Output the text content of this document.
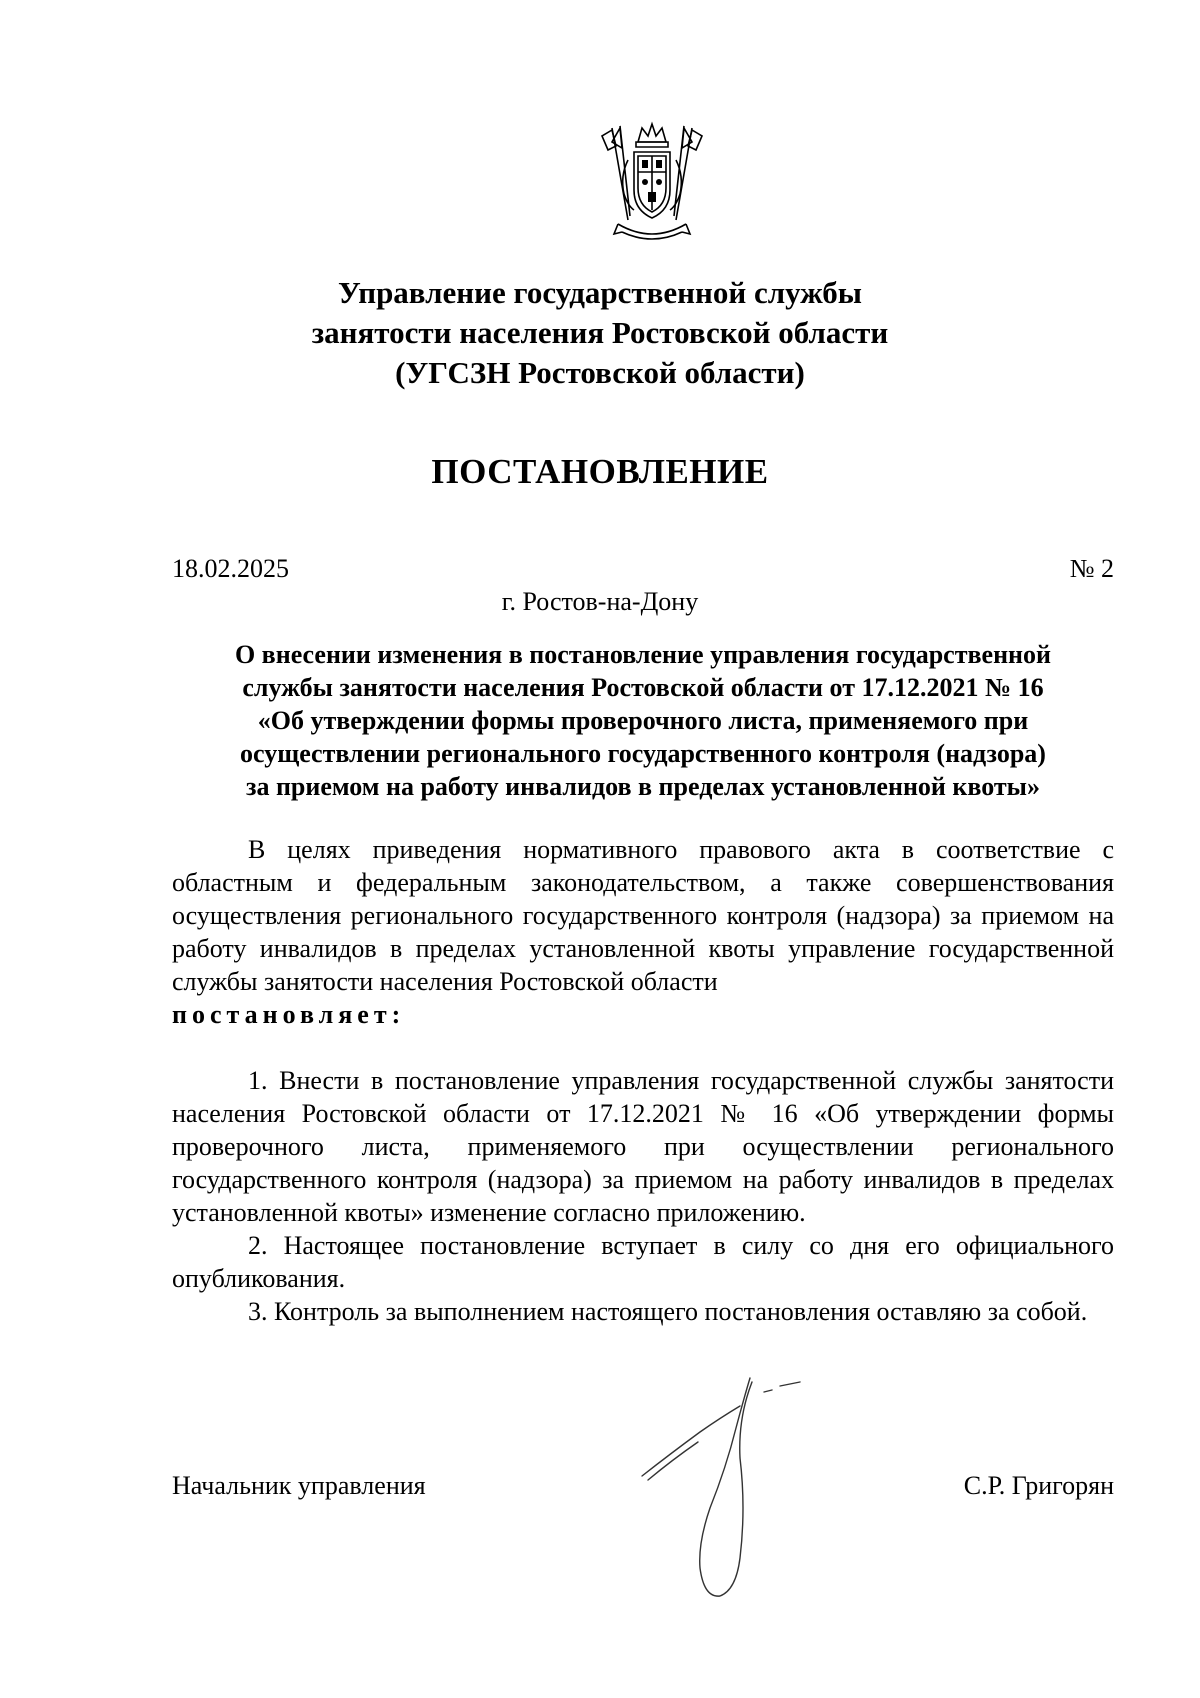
Управление государственной службы
занятости населения Ростовской области
(УГСЗН Ростовской области)
ПОСТАНОВЛЕНИЕ
18.02.2025	№ 2
г. Ростов-на-Дону
О внесении изменения в постановление управления государственной
службы занятости населения Ростовской области от 17.12.2021 № 16
«Об утверждении формы проверочного листа, применяемого при
осуществлении регионального государственного контроля (надзора)
за приемом на работу инвалидов в пределах установленной квоты»

В целях приведения нормативного правового акта в соответствие с областным и федеральным законодательством, а также совершенствования осуществления регионального государственного контроля (надзора) за приемом на работу инвалидов в пределах установленной квоты управление государственной службы занятости населения Ростовской области

постановляет:

1. Внести в постановление управления государственной службы занятости населения Ростовской области от 17.12.2021 № 16 «Об утверждении формы проверочного листа, применяемого при осуществлении регионального государственного контроля (надзора) за приемом на работу инвалидов в пределах установленной квоты» изменение согласно приложению.

2. Настоящее постановление вступает в силу со дня его официального опубликования.

3. Контроль за выполнением настоящего постановления оставляю за собой.

Начальник управления	С.Р. Григорян
